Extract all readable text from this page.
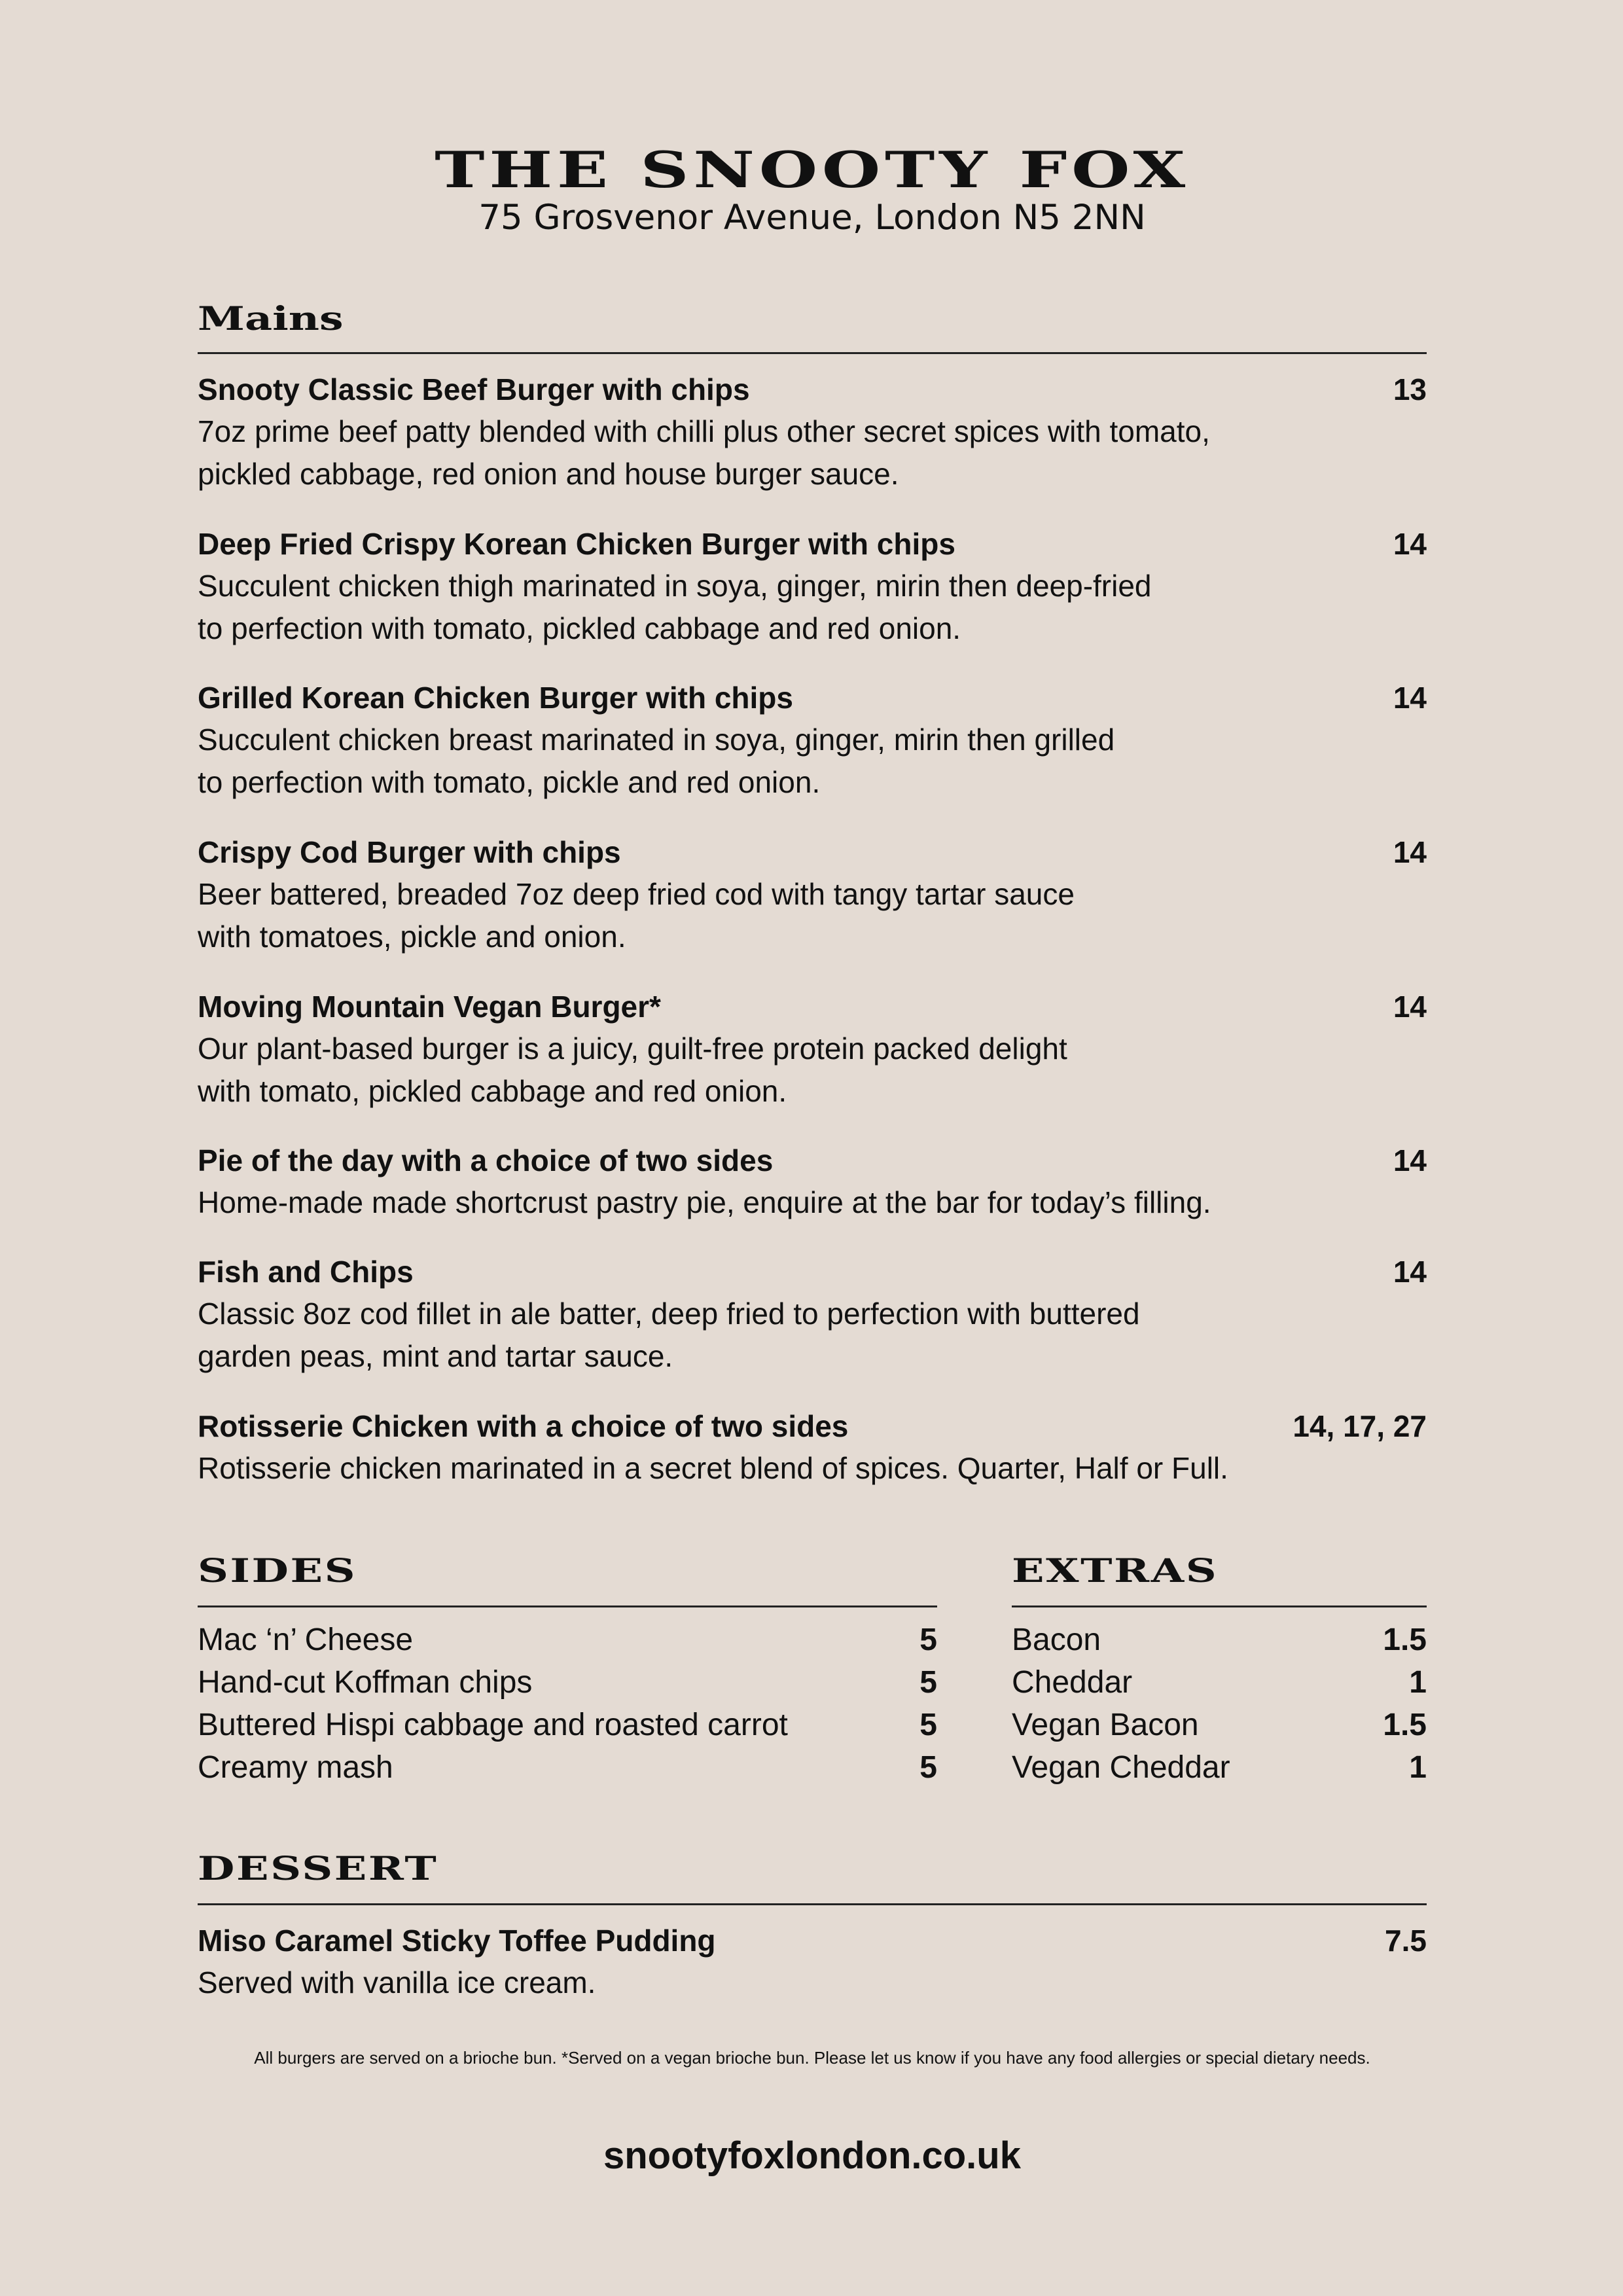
THE SNOOTY FOX
75 Grosvenor Avenue, London N5 2NN
Mains
Snooty Classic Beef Burger with chips	13
7oz prime beef patty blended with chilli plus other secret spices with tomato,
pickled cabbage, red onion and house burger sauce.
Deep Fried Crispy Korean Chicken Burger with chips	14
Succulent chicken thigh marinated in soya, ginger, mirin then deep-fried
to perfection with tomato, pickled cabbage and red onion.
Grilled Korean Chicken Burger with chips	14
Succulent chicken breast marinated in soya, ginger, mirin then grilled
to perfection with tomato, pickle and red onion.
Crispy Cod Burger with chips	14
Beer battered, breaded 7oz deep fried cod with tangy tartar sauce
with tomatoes, pickle and onion.
Moving Mountain Vegan Burger*	14
Our plant-based burger is a juicy, guilt-free protein packed delight
with tomato, pickled cabbage and red onion.
Pie of the day with a choice of two sides	14
Home-made made shortcrust pastry pie, enquire at the bar for today’s filling.
Fish and Chips	14
Classic 8oz cod fillet in ale batter, deep fried to perfection with buttered
garden peas, mint and tartar sauce.
Rotisserie Chicken with a choice of two sides	14, 17, 27
Rotisserie chicken marinated in a secret blend of spices. Quarter, Half or Full.
SIDES
Mac ‘n’ Cheese	5
Hand-cut Koffman chips	5
Buttered Hispi cabbage and roasted carrot	5
Creamy mash	5
EXTRAS
Bacon	1.5
Cheddar	1
Vegan Bacon	1.5
Vegan Cheddar	1
DESSERT
Miso Caramel Sticky Toffee Pudding	7.5
Served with vanilla ice cream.
All burgers are served on a brioche bun. *Served on a vegan brioche bun. Please let us know if you have any food allergies or special dietary needs.
snootyfoxlondon.co.uk
